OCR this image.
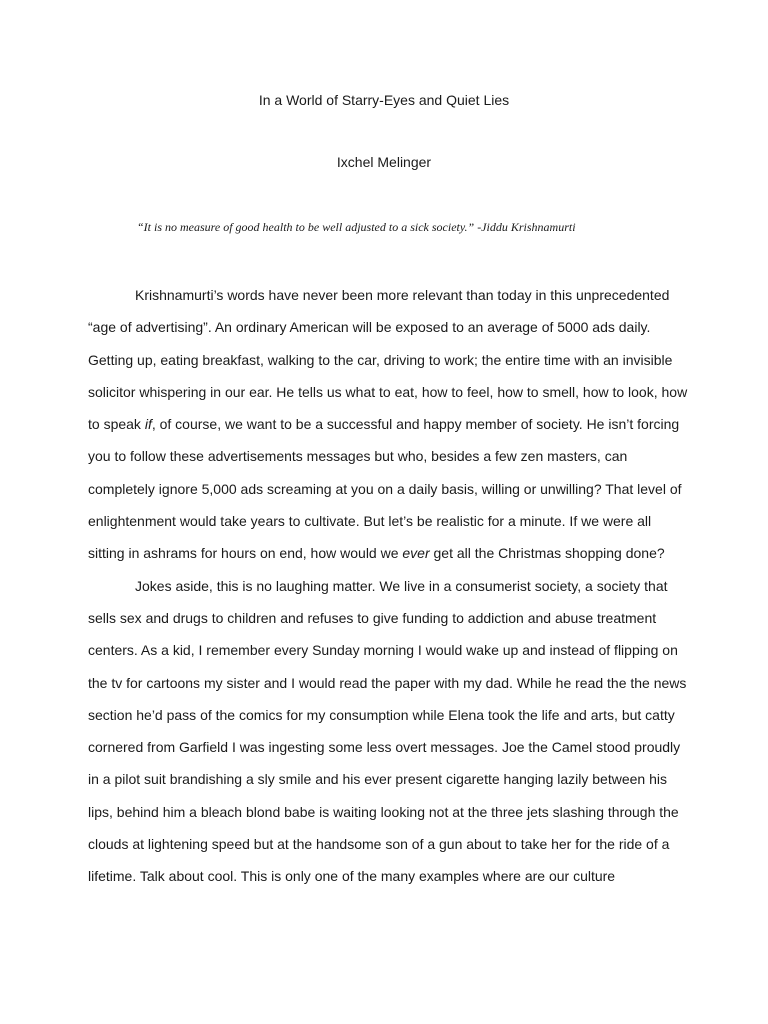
In a World of Starry-Eyes and Quiet Lies
Ixchel Melinger
“It is no measure of good health to be well adjusted to a sick society.” -Jiddu Krishnamurti
Krishnamurti’s words have never been more relevant than today in this unprecedented
“age of advertising”. An ordinary American will be exposed to an average of 5000 ads daily.
Getting up, eating breakfast, walking to the car, driving to work; the entire time with an invisible
solicitor whispering in our ear. He tells us what to eat, how to feel, how to smell, how to look, how
to speak if, of course, we want to be a successful and happy member of society. He isn’t forcing
you to follow these advertisements messages but who, besides a few zen masters, can
completely ignore 5,000 ads screaming at you on a daily basis, willing or unwilling? That level of
enlightenment would take years to cultivate. But let’s be realistic for a minute. If we were all
sitting in ashrams for hours on end, how would we ever get all the Christmas shopping done?
Jokes aside, this is no laughing matter. We live in a consumerist society, a society that
sells sex and drugs to children and refuses to give funding to addiction and abuse treatment
centers. As a kid, I remember every Sunday morning I would wake up and instead of flipping on
the tv for cartoons my sister and I would read the paper with my dad. While he read the the news
section he’d pass of the comics for my consumption while Elena took the life and arts, but catty
cornered from Garfield I was ingesting some less overt messages. Joe the Camel stood proudly
in a pilot suit brandishing a sly smile and his ever present cigarette hanging lazily between his
lips, behind him a bleach blond babe is waiting looking not at the three jets slashing through the
clouds at lightening speed but at the handsome son of a gun about to take her for the ride of a
lifetime. Talk about cool. This is only one of the many examples where are our culture
